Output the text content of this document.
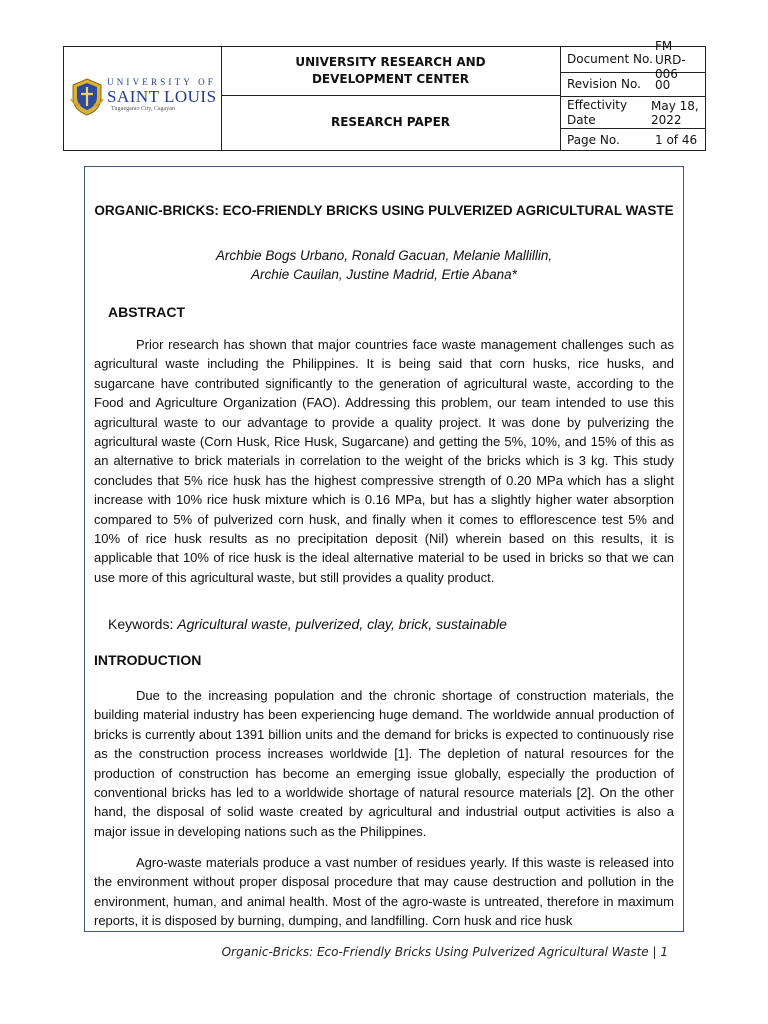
UNIVERSITY OF
SAINT LOUIS
Tuguegarao City, Cagayan
UNIVERSITY RESEARCH AND DEVELOPMENT CENTER
RESEARCH PAPER
Document No.
FM-URD-006
Revision No.	00
Effectivity Date
May 18, 2022
Page No.	1 of 46
ORGANIC-BRICKS: ECO-FRIENDLY BRICKS USING PULVERIZED AGRICULTURAL WASTE
Archbie Bogs Urbano, Ronald Gacuan, Melanie Mallillin,
Archie Cauilan, Justine Madrid, Ertie Abana*
ABSTRACT
Prior research has shown that major countries face waste management challenges such as agricultural waste including the Philippines. It is being said that corn husks, rice husks, and sugarcane have contributed significantly to the generation of agricultural waste, according to the Food and Agriculture Organization (FAO). Addressing this problem, our team intended to use this agricultural waste to our advantage to provide a quality project. It was done by pulverizing the agricultural waste (Corn Husk, Rice Husk, Sugarcane) and getting the 5%, 10%, and 15% of this as an alternative to brick materials in correlation to the weight of the bricks which is 3 kg. This study concludes that 5% rice husk has the highest compressive strength of 0.20 MPa which has a slight increase with 10% rice husk mixture which is 0.16 MPa, but has a slightly higher water absorption compared to 5% of pulverized corn husk, and finally when it comes to efflorescence test 5% and 10% of rice husk results as no precipitation deposit (Nil) wherein based on this results, it is applicable that 10% of rice husk is the ideal alternative material to be used in bricks so that we can use more of this agricultural waste, but still provides a quality product.
Keywords: Agricultural waste, pulverized, clay, brick, sustainable
INTRODUCTION
Due to the increasing population and the chronic shortage of construction materials, the building material industry has been experiencing huge demand. The worldwide annual production of bricks is currently about 1391 billion units and the demand for bricks is expected to continuously rise as the construction process increases worldwide [1]. The depletion of natural resources for the production of construction has become an emerging issue globally, especially the production of conventional bricks has led to a worldwide shortage of natural resource materials [2]. On the other hand, the disposal of solid waste created by agricultural and industrial output activities is also a major issue in developing nations such as the Philippines.
Agro-waste materials produce a vast number of residues yearly. If this waste is released into the environment without proper disposal procedure that may cause destruction and pollution in the environment, human, and animal health. Most of the agro-waste is untreated, therefore in maximum reports, it is disposed by burning, dumping, and landfilling. Corn husk and rice husk
Organic-Bricks: Eco-Friendly Bricks Using Pulverized Agricultural Waste | 1
